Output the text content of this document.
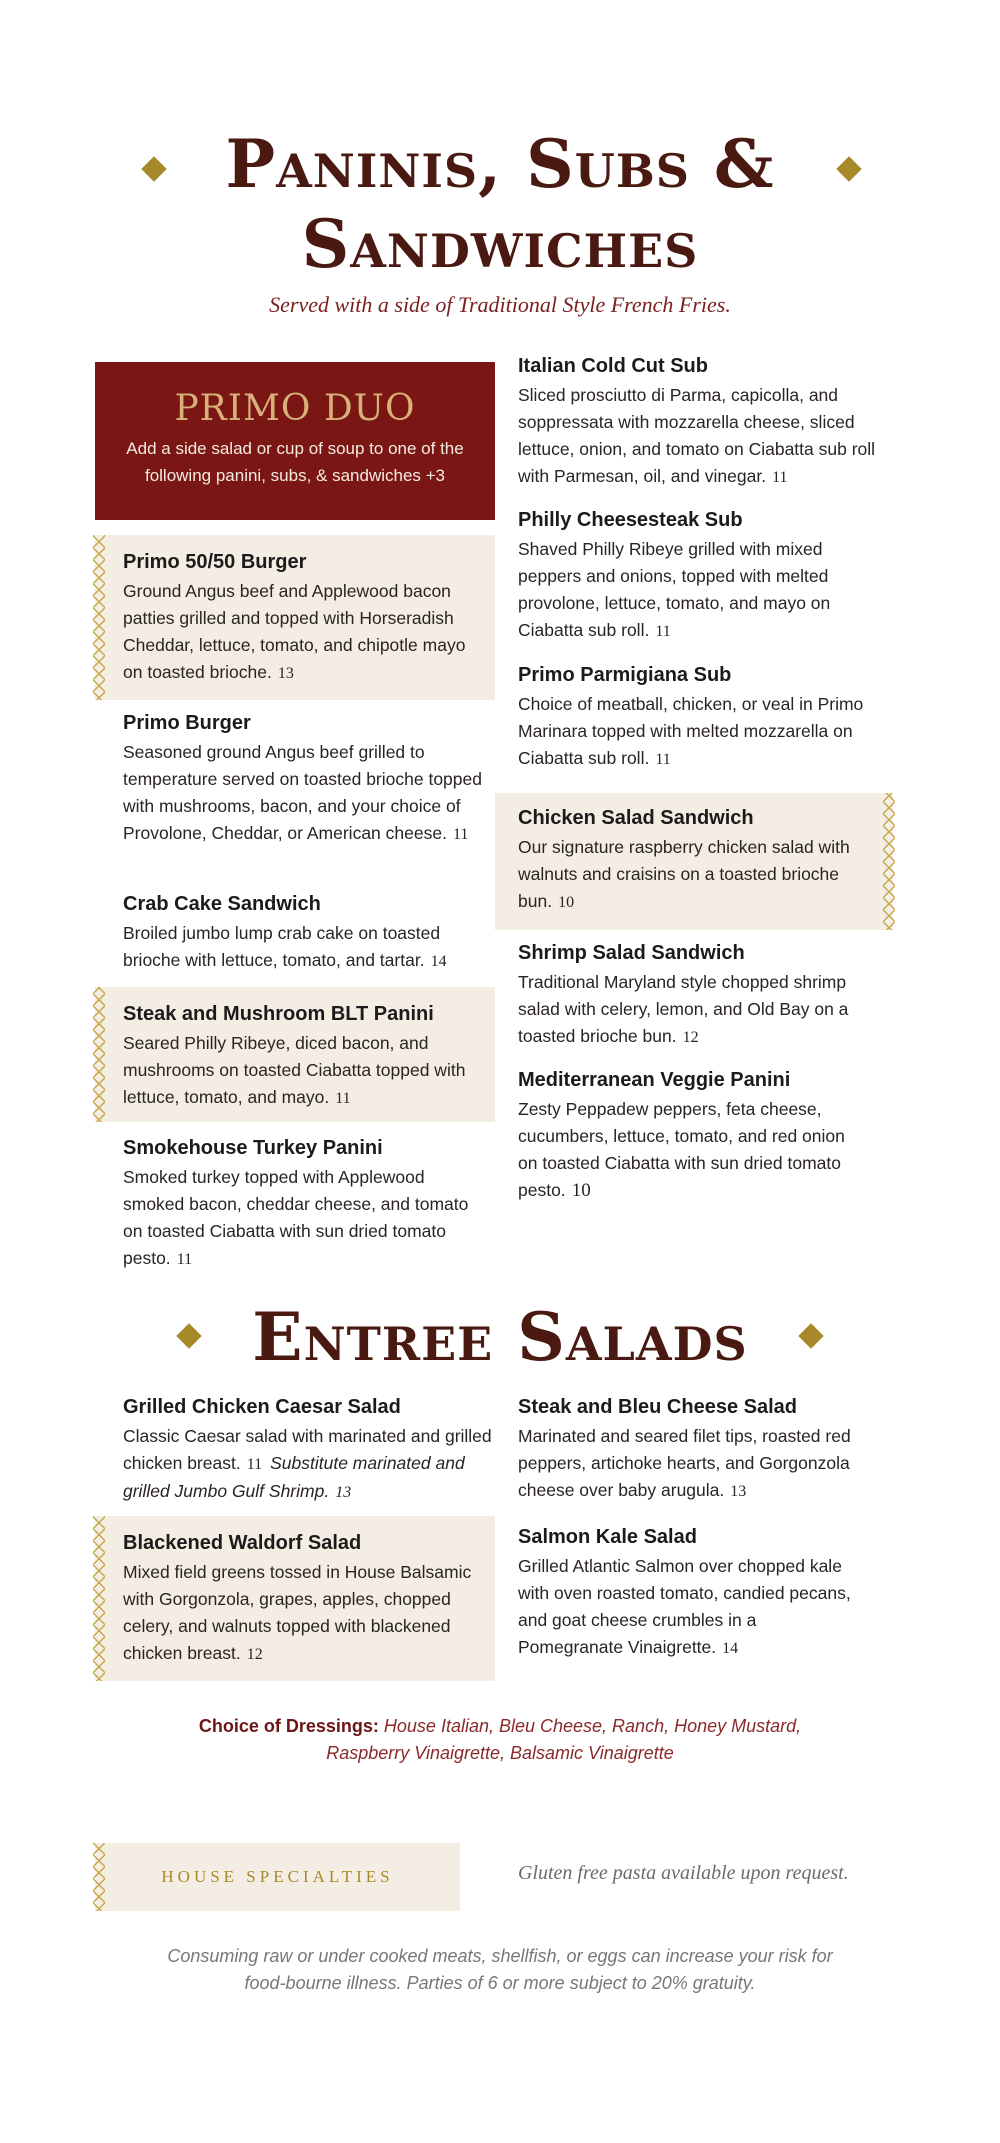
Paninis, Subs &
Sandwiches
Served with a side of Traditional Style French Fries.
PRIMO DUO
Add a side salad or cup of soup to one of the following panini, subs, & sandwiches +3
Primo 50/50 Burger
Ground Angus beef and Applewood bacon patties grilled and topped with Horseradish Cheddar, lettuce, tomato, and chipotle mayo on toasted brioche. 13
Primo Burger
Seasoned ground Angus beef grilled to temperature served on toasted brioche topped with mushrooms, bacon, and your choice of Provolone, Cheddar, or American cheese. 11
Crab Cake Sandwich
Broiled jumbo lump crab cake on toasted brioche with lettuce, tomato, and tartar. 14
Steak and Mushroom BLT Panini
Seared Philly Ribeye, diced bacon, and mushrooms on toasted Ciabatta topped with lettuce, tomato, and mayo. 11
Smokehouse Turkey Panini
Smoked turkey topped with Applewood smoked bacon, cheddar cheese, and tomato on toasted Ciabatta with sun dried tomato pesto. 11
Italian Cold Cut Sub
Sliced prosciutto di Parma, capicolla, and soppressata with mozzarella cheese, sliced lettuce, onion, and tomato on Ciabatta sub roll with Parmesan, oil, and vinegar. 11
Philly Cheesesteak Sub
Shaved Philly Ribeye grilled with mixed peppers and onions, topped with melted provolone, lettuce, tomato, and mayo on Ciabatta sub roll. 11
Primo Parmigiana Sub
Choice of meatball, chicken, or veal in Primo Marinara topped with melted mozzarella on Ciabatta sub roll. 11
Chicken Salad Sandwich
Our signature raspberry chicken salad with walnuts and craisins on a toasted brioche bun. 10
Shrimp Salad Sandwich
Traditional Maryland style chopped shrimp salad with celery, lemon, and Old Bay on a toasted brioche bun. 12
Mediterranean Veggie Panini
Zesty Peppadew peppers, feta cheese, cucumbers, lettuce, tomato, and red onion on toasted Ciabatta with sun dried tomato pesto. 10
Entree Salads
Grilled Chicken Caesar Salad
Classic Caesar salad with marinated and grilled chicken breast. 11 Substitute marinated and grilled Jumbo Gulf Shrimp. 13
Blackened Waldorf Salad
Mixed field greens tossed in House Balsamic with Gorgonzola, grapes, apples, chopped celery, and walnuts topped with blackened chicken breast. 12
Steak and Bleu Cheese Salad
Marinated and seared filet tips, roasted red peppers, artichoke hearts, and Gorgonzola cheese over baby arugula. 13
Salmon Kale Salad
Grilled Atlantic Salmon over chopped kale with oven roasted tomato, candied pecans, and goat cheese crumbles in a Pomegranate Vinaigrette. 14
Choice of Dressings: House Italian, Bleu Cheese, Ranch, Honey Mustard,
Raspberry Vinaigrette, Balsamic Vinaigrette
HOUSE SPECIALTIES	Gluten free pasta available upon request.
Consuming raw or under cooked meats, shellfish, or eggs can increase your risk for
food-bourne illness. Parties of 6 or more subject to 20% gratuity.
